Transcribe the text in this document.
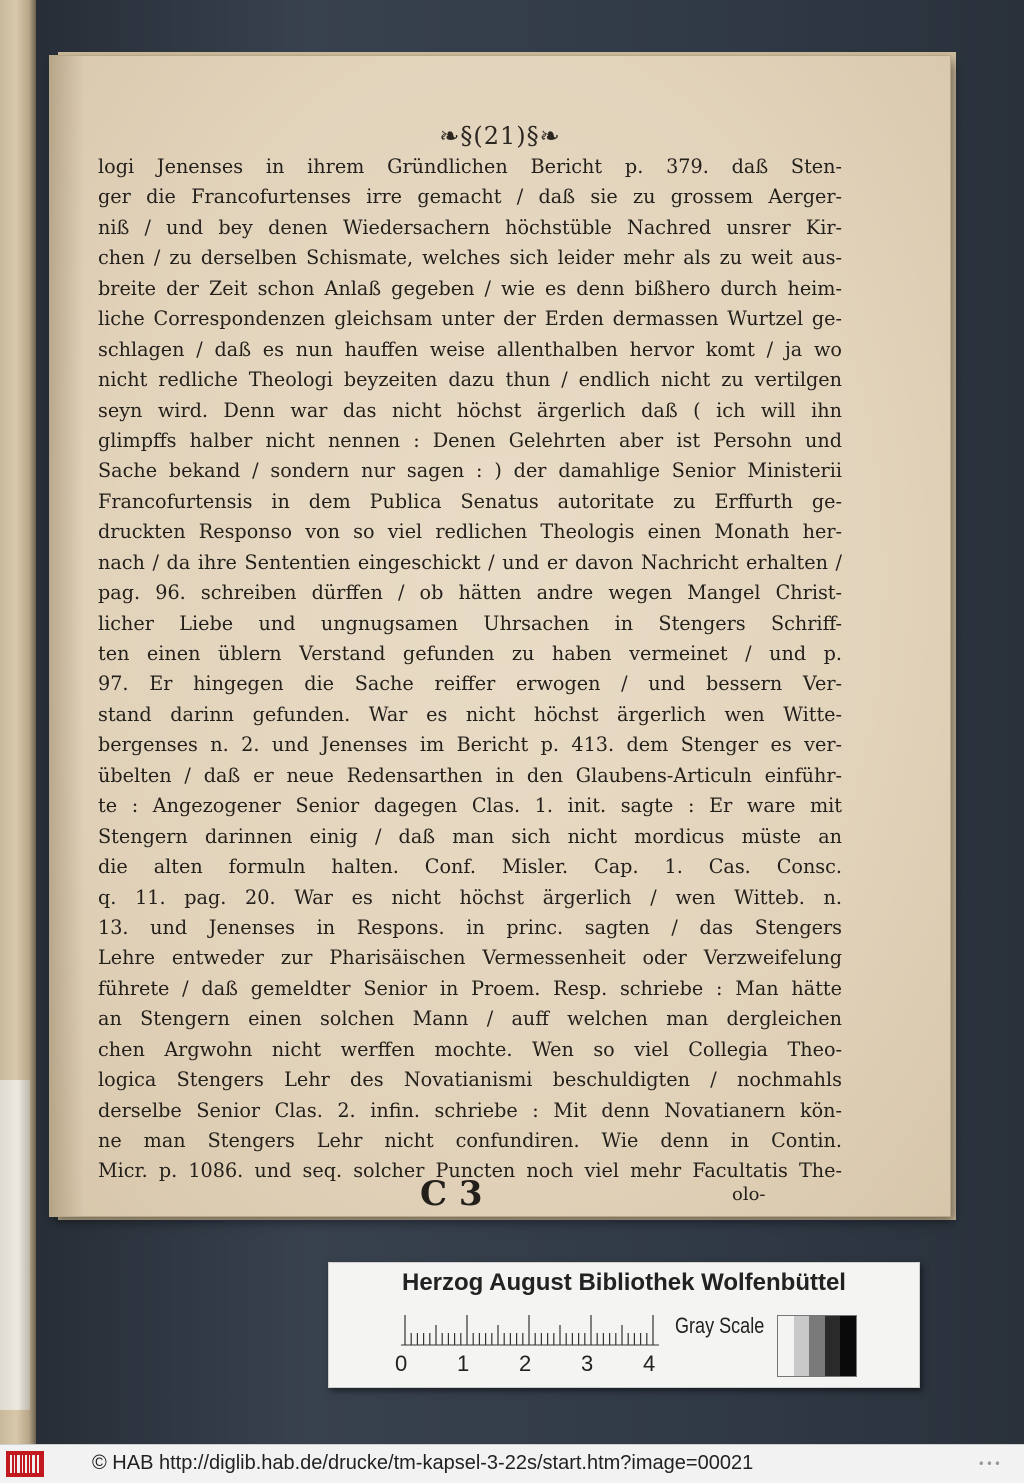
❧§(21)§❧
logi Jenenses in ihrem Gründlichen Bericht p. 379. daß Sten-
ger die Francofurtenses irre gemacht / daß sie zu grossem Aerger-
niß / und bey denen Wiedersachern höchstüble Nachred unsrer Kir-
chen / zu derselben Schismate, welches sich leider mehr als zu weit aus-
breite der Zeit schon Anlaß gegeben / wie es denn bißhero durch heim-
liche Correspondenzen gleichsam unter der Erden dermassen Wurtzel ge-
schlagen / daß es nun hauffen weise allenthalben hervor komt / ja wo
nicht redliche Theologi beyzeiten dazu thun / endlich nicht zu vertilgen
seyn wird. Denn war das nicht höchst ärgerlich daß ( ich will ihn
glimpffs halber nicht nennen : Denen Gelehrten aber ist Persohn und
Sache bekand / sondern nur sagen : ) der damahlige Senior Ministerii
Francofurtensis in dem Publica Senatus autoritate zu Erffurth ge-
druckten Responso von so viel redlichen Theologis einen Monath her-
nach / da ihre Sententien eingeschickt / und er davon Nachricht erhalten /
pag. 96. schreiben dürffen / ob hätten andre wegen Mangel Christ-
licher Liebe und ungnugsamen Uhrsachen in Stengers Schriff-
ten einen üblern Verstand gefunden zu haben vermeinet / und p.
97. Er hingegen die Sache reiffer erwogen / und bessern Ver-
stand darinn gefunden. War es nicht höchst ärgerlich wen Witte-
bergenses n. 2. und Jenenses im Bericht p. 413. dem Stenger es ver-
übelten / daß er neue Redensarthen in den Glaubens-Articuln einführ-
te : Angezogener Senior dagegen Clas. 1. init. sagte : Er ware mit
Stengern darinnen einig / daß man sich nicht mordicus müste an
die alten formuln halten. Conf. Misler. Cap. 1. Cas. Consc.
q. 11. pag. 20. War es nicht höchst ärgerlich / wen Witteb. n.
13. und Jenenses in Respons. in princ. sagten / das Stengers
Lehre entweder zur Pharisäischen Vermessenheit oder Verzweifelung
führete / daß gemeldter Senior in Proem. Resp. schriebe : Man hätte
an Stengern einen solchen Mann / auff welchen man dergleichen
chen Argwohn nicht werffen mochte. Wen so viel Collegia Theo-
logica Stengers Lehr des Novatianismi beschuldigten / nochmahls
derselbe Senior Clas. 2. infin. schriebe : Mit denn Novatianern kön-
ne man Stengers Lehr nicht confundiren. Wie denn in Contin.
Micr. p. 1086. und seq. solcher Puncten noch viel mehr Facultatis The-
C 3	olo-
Herzog August Bibliothek Wolfenbüttel
0 1 2 3 4
Gray Scale
© HAB http://diglib.hab.de/drucke/tm-kapsel-3-22s/start.htm?image=00021	•••
